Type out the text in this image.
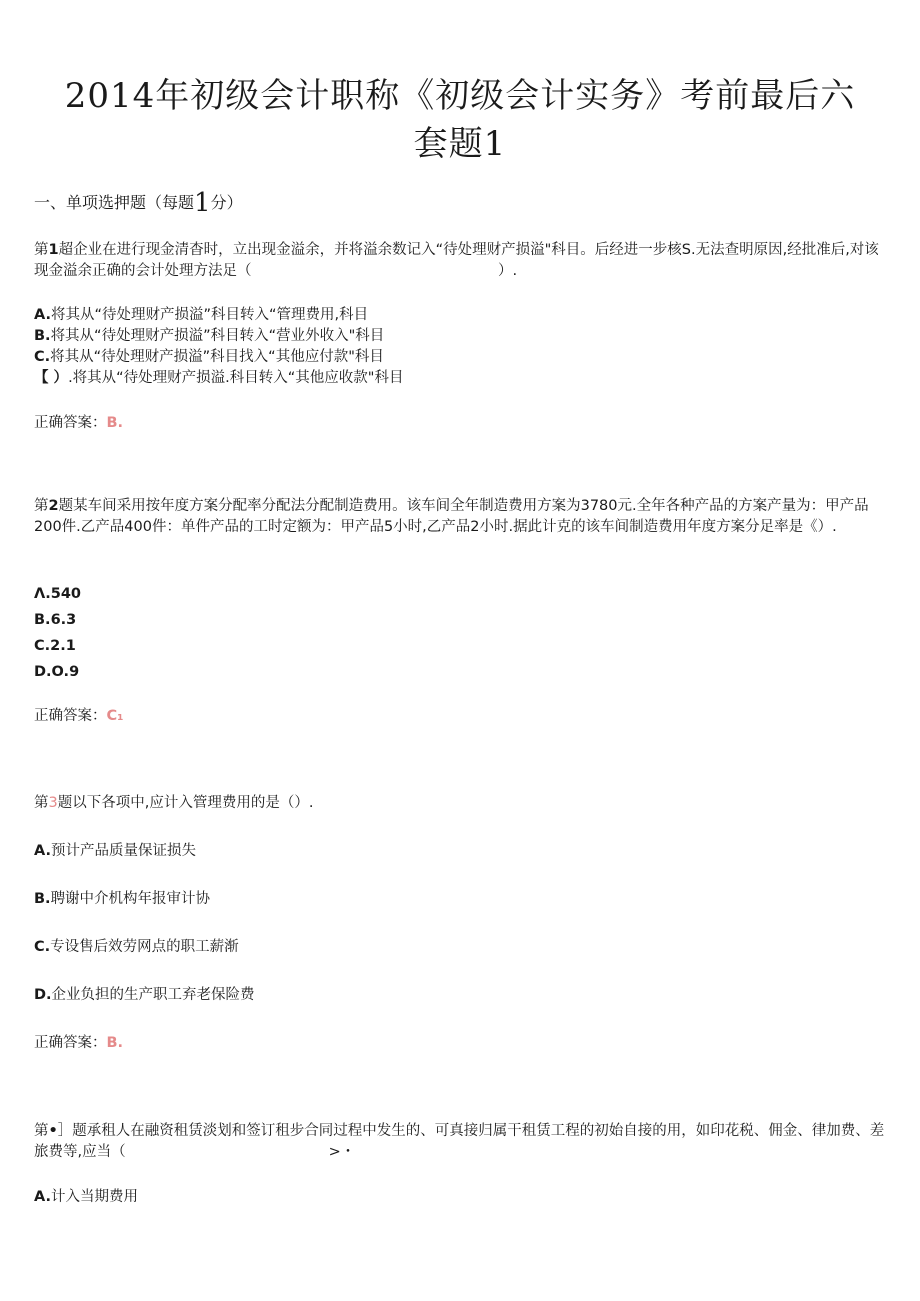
2014年初级会计职称《初级会计实务》考前最后六套题1
一、单项选押题（每题1分）
第1超企业在进行现金清杳时，立出现金溢余，并将溢余数记入“待处理财产损溢"科目。后经进一步核S.无法查明原因,经批准后,对该现金溢余正确的会计处理方法足（　　　　　　　　　　　　　　　　　）.
A.将其从“待处理财产损溢”科目转入“管理费用,科目
B.将其从“待处理财产损溢”科目转入“营业外收入"科目
C.将其从“待处理财产损溢”科目找入“其他应付款"科目
【 ）.将其从“待处理财产损溢.科目转入“其他应收款"科目
正确答案：B.
第2题某车间采用按年度方案分配率分配法分配制造费用。该车间全年制造费用方案为3780元.全年各种产品的方案产量为：甲产品200件.乙产品400件：单件产品的工时定额为：甲产品5小时,乙产品2小时.据此计克的该车间制造费用年度方案分足率是《）.
Λ.540
B.6.3
C.2.1
D.O.9
正确答案：C₁
第3题以下各项中,应计入管理费用的是（）.
A.预计产品质量保证损失
B.聘谢中介机构年报审计协
C.专设售后效劳网点的职工薪渐
D.企业负担的生产职工弃老保险费
正确答案：B.
第•］题承租人在融资租赁淡划和签订租步合同过程中发生的、可真接归属干租赁工程的初始自接的用，如印花税、佣金、律加费、差旅费等,应当（　　　　　　　　　　　　　　>・
A.计入当期费用
